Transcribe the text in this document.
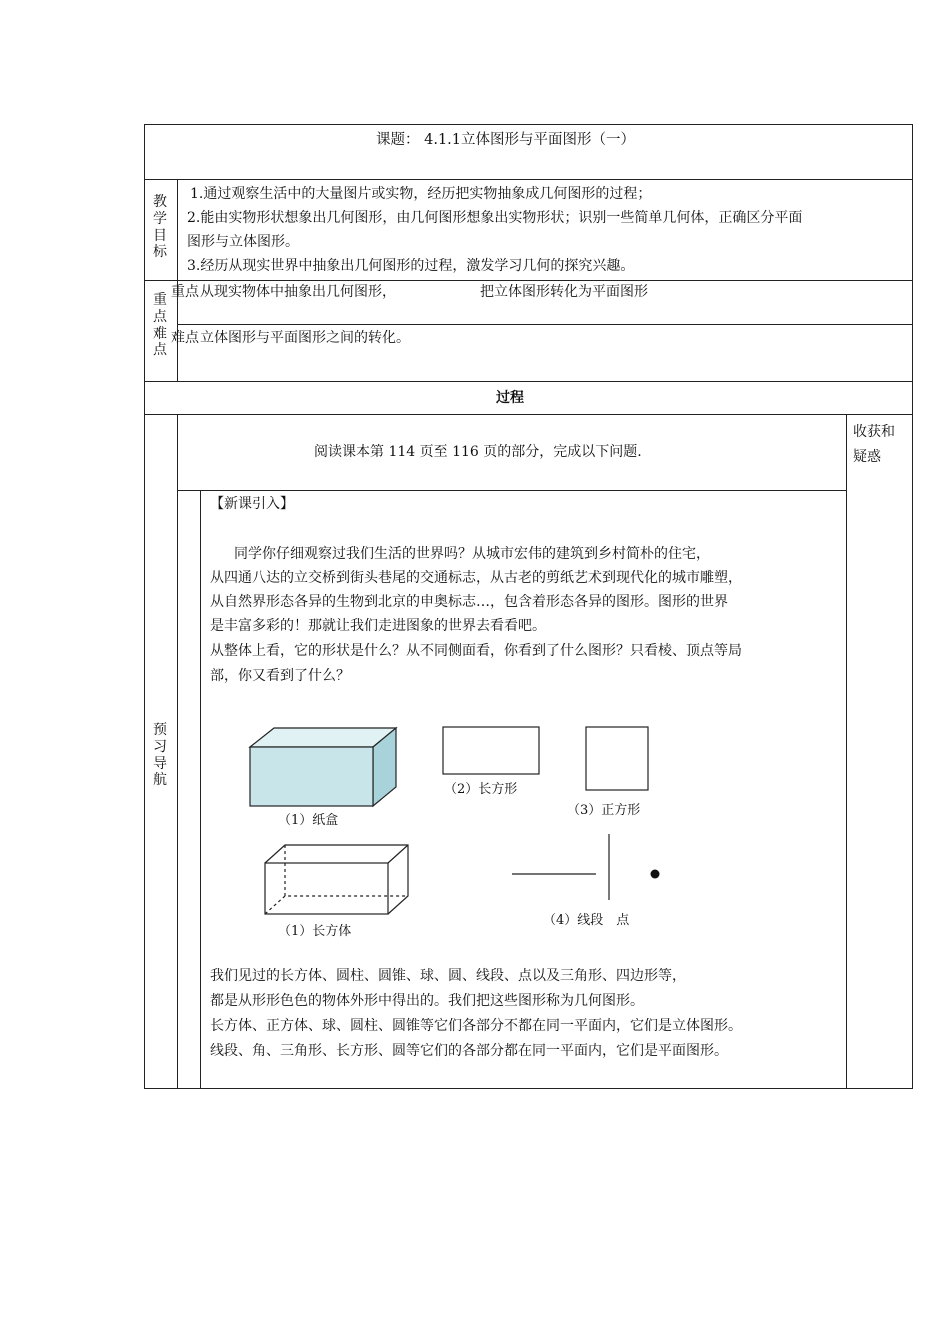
课题： 4.1.1立体图形与平面图形（一）
教
学
目
标
1.通过观察生活中的大量图片或实物，经历把实物抽象成几何图形的过程；
2.能由实物形状想象出几何图形，由几何图形想象出实物形状；识别一些简单几何体，正确区分平面
图形与立体图形。
3.经历从现实世界中抽象出几何图形的过程，激发学习几何的探究兴趣。
重
点
难
点
重点 从现实物体中抽象出几何图形，	把立体图形转化为平面图形
难点 立体图形与平面图形之间的转化。
过程
预
习
导
航
阅读课本第 114 页至 116 页的部分，完成以下问题.
收获和
疑惑
【新课引入】
同学你仔细观察过我们生活的世界吗？从城市宏伟的建筑到乡村简朴的住宅，
从四通八达的立交桥到街头巷尾的交通标志，从古老的剪纸艺术到现代化的城市雕塑，
从自然界形态各异的生物到北京的申奥标志…，包含着形态各异的图形。图形的世界
是丰富多彩的！那就让我们走进图象的世界去看看吧。
从整体上看，它的形状是什么？从不同侧面看，你看到了什么图形？只看棱、顶点等局
部，你又看到了什么？
（1）纸盒
（2）长方形
（3）正方形
（1）长方体
（4）线段　点
我们见过的长方体、圆柱、圆锥、球、圆、线段、点以及三角形、四边形等，
都是从形形色色的物体外形中得出的。我们把这些图形称为几何图形。
长方体、正方体、球、圆柱、圆锥等它们各部分不都在同一平面内，它们是立体图形。
线段、角、三角形、长方形、圆等它们的各部分都在同一平面内，它们是平面图形。
